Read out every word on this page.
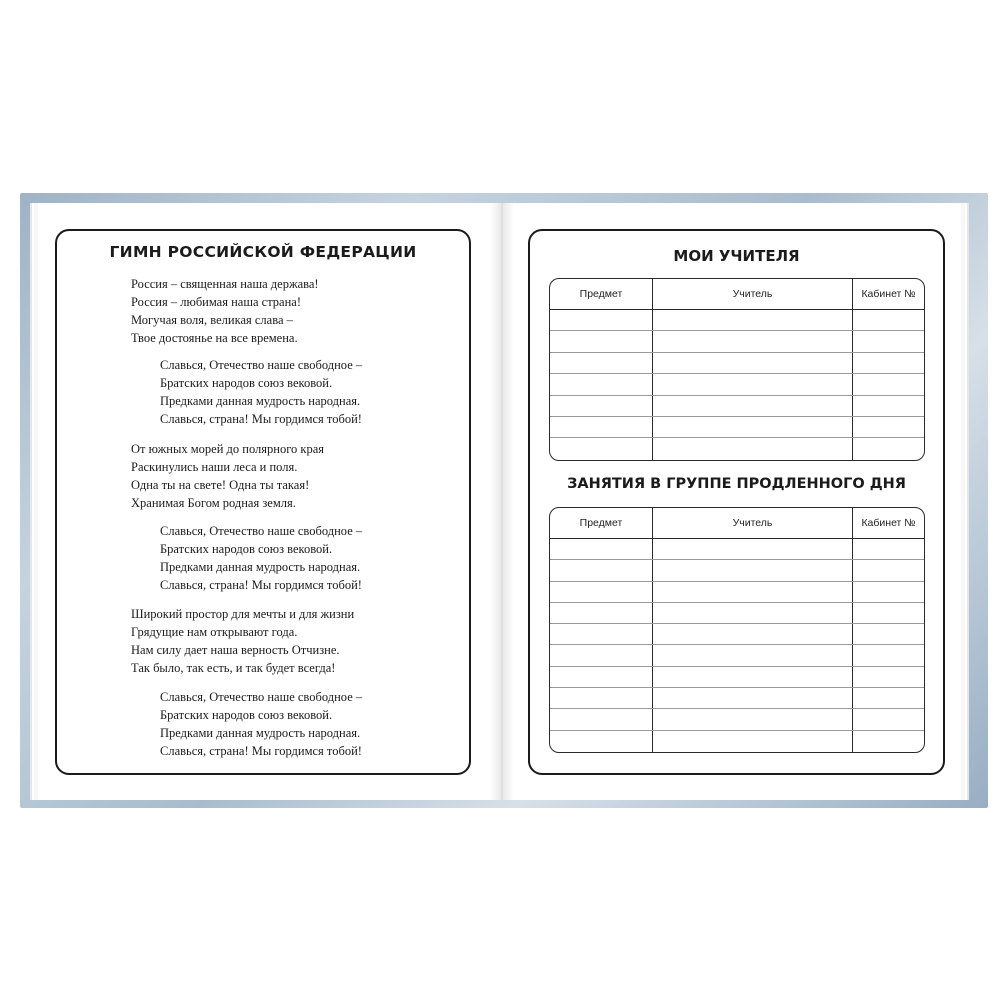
ГИМН РОССИЙСКОЙ ФЕДЕРАЦИИ
Россия – священная наша держава!
Россия – любимая наша страна!
Могучая воля, великая слава –
Твое достоянье на все времена.
Славься, Отечество наше свободное –
Братских народов союз вековой.
Предками данная мудрость народная.
Славься, страна! Мы гордимся тобой!
От южных морей до полярного края
Раскинулись наши леса и поля.
Одна ты на свете! Одна ты такая!
Хранимая Богом родная земля.
Славься, Отечество наше свободное –
Братских народов союз вековой.
Предками данная мудрость народная.
Славься, страна! Мы гордимся тобой!
Широкий простор для мечты и для жизни
Грядущие нам открывают года.
Нам силу дает наша верность Отчизне.
Так было, так есть, и так будет всегда!
Славься, Отечество наше свободное –
Братских народов союз вековой.
Предками данная мудрость народная.
Славься, страна! Мы гордимся тобой!
МОИ УЧИТЕЛЯ
Предмет	Учитель	Кабинет №
ЗАНЯТИЯ В ГРУППЕ ПРОДЛЕННОГО ДНЯ
Предмет	Учитель	Кабинет №
